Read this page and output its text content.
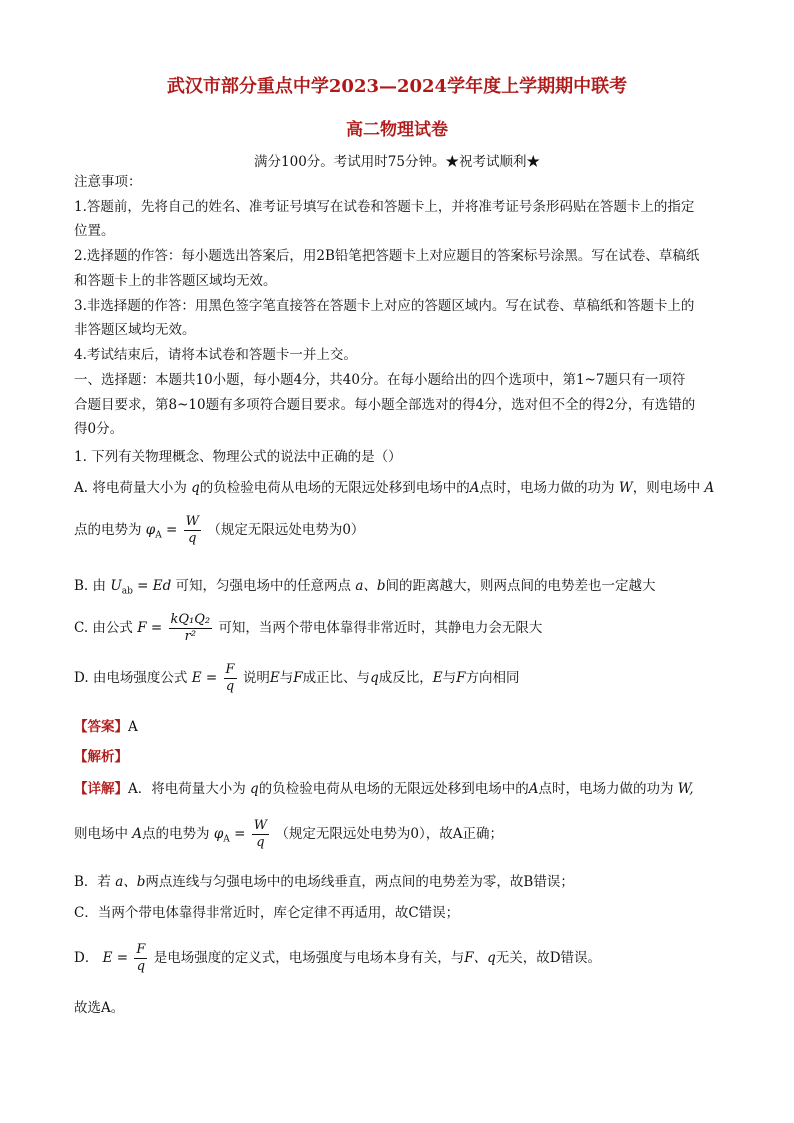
武汉市部分重点中学2023—2024学年度上学期期中联考
高二物理试卷
满分100分。考试用时75分钟。★祝考试顺利★
注意事项：
1.答题前，先将自己的姓名、准考证号填写在试卷和答题卡上，并将准考证号条形码贴在答题卡上的指定
位置。
2.选择题的作答：每小题选出答案后，用2B铅笔把答题卡上对应题目的答案标号涂黑。写在试卷、草稿纸
和答题卡上的非答题区域均无效。
3.非选择题的作答：用黑色签字笔直接答在答题卡上对应的答题区域内。写在试卷、草稿纸和答题卡上的
非答题区域均无效。
4.考试结束后，请将本试卷和答题卡一并上交。
一、选择题：本题共10小题，每小题4分，共40分。在每小题给出的四个选项中，第1~7题只有一项符
合题目要求，第8~10题有多项符合题目要求。每小题全部选对的得4分，选对但不全的得2分，有选错的
得0分。
1. 下列有关物理概念、物理公式的说法中正确的是（）
A. 将电荷量大小为 q的负检验电荷从电场的无限远处移到电场中的A点时，电场力做的功为 W，则电场中 A
点的电势为 $\varphi_A = \frac{W}{q}$ （规定无限远处电势为0）
B. 由 $U_{ab} = Ed$ 可知，匀强电场中的任意两点 a、b间的距离越大，则两点间的电势差也一定越大
C. 由公式 $F = \frac{\text{kQ₁Q₂}}{\text{r²}}$ 可知，当两个带电体靠得非常近时，其静电力会无限大
D. 由电场强度公式 $E = \frac{F}{q}$ 说明E与F成正比、与q成反比，E与F方向相同
【答案】A
【解析】
【详解】A．将电荷量大小为 q的负检验电荷从电场的无限远处移到电场中的A点时，电场力做的功为 W,
则电场中 A点的电势为 $\varphi_A = \frac{W}{q}$ （规定无限远处电势为0），故A正确；
B．若 a、b两点连线与匀强电场中的电场线垂直，两点间的电势差为零，故B错误；
C．当两个带电体靠得非常近时，库仑定律不再适用，故C错误；
D． $E = \frac{F}{q}$ 是电场强度的定义式，电场强度与电场本身有关，与F、q无关，故D错误。
故选A。
